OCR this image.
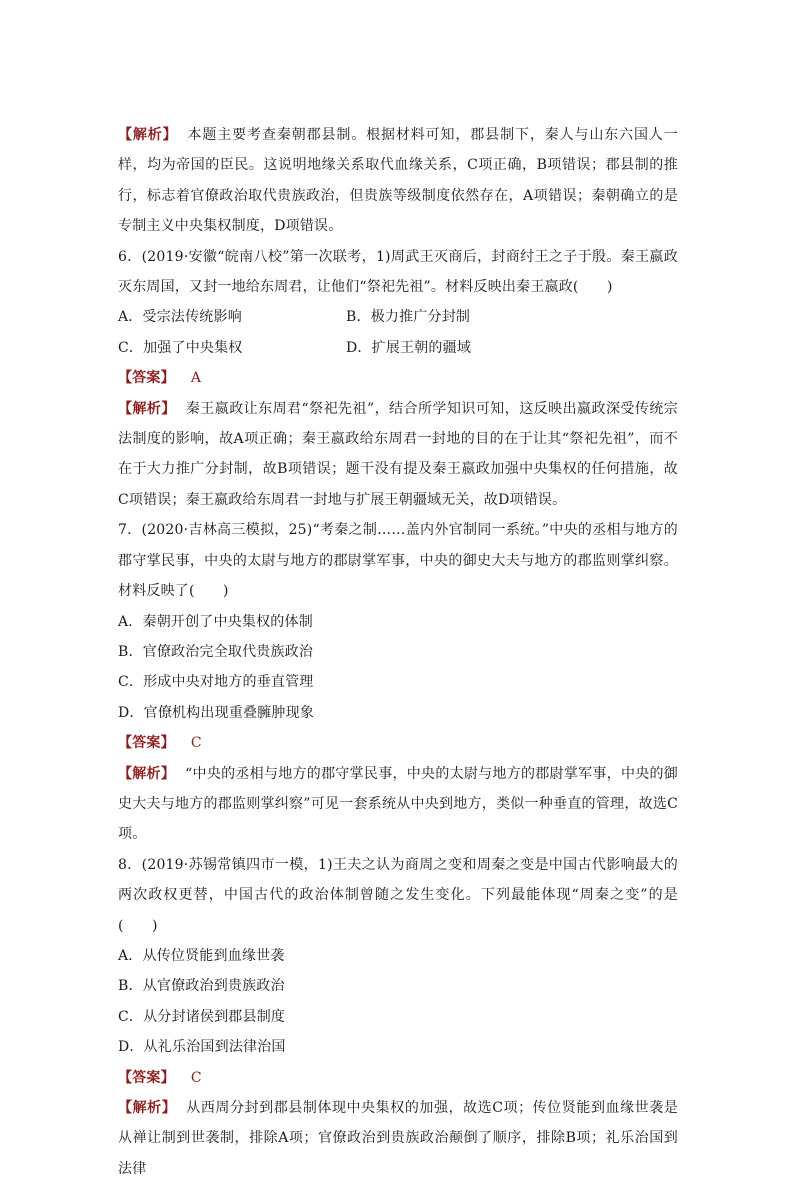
【解析】 本题主要考查秦朝郡县制。根据材料可知，郡县制下，秦人与山东六国人一样，均为帝国的臣民。这说明地缘关系取代血缘关系，C项正确，B项错误；郡县制的推行，标志着官僚政治取代贵族政治，但贵族等级制度依然存在，A项错误；秦朝确立的是专制主义中央集权制度，D项错误。

6．(2019·安徽“皖南八校”第一次联考，1)周武王灭商后，封商纣王之子于殷。秦王嬴政灭东周国，又封一地给东周君，让他们“祭祀先祖”。材料反映出秦王嬴政(　　)

A．受宗法传统影响	B．极力推广分封制
C．加强了中央集权	D．扩展王朝的疆域

【答案】 A

【解析】 秦王嬴政让东周君“祭祀先祖”，结合所学知识可知，这反映出嬴政深受传统宗法制度的影响，故A项正确；秦王嬴政给东周君一封地的目的在于让其“祭祀先祖”，而不在于大力推广分封制，故B项错误；题干没有提及秦王嬴政加强中央集权的任何措施，故C项错误；秦王嬴政给东周君一封地与扩展王朝疆域无关，故D项错误。

7．(2020·吉林高三模拟，25)“考秦之制……盖内外官制同一系统。”中央的丞相与地方的郡守掌民事，中央的太尉与地方的郡尉掌军事，中央的御史大夫与地方的郡监则掌纠察。材料反映了(　　)

A．秦朝开创了中央集权的体制

B．官僚政治完全取代贵族政治

C．形成中央对地方的垂直管理

D．官僚机构出现重叠臃肿现象

【答案】 C

【解析】 “中央的丞相与地方的郡守掌民事，中央的太尉与地方的郡尉掌军事，中央的御史大夫与地方的郡监则掌纠察”可见一套系统从中央到地方，类似一种垂直的管理，故选C项。

8．(2019·苏锡常镇四市一模，1)王夫之认为商周之变和周秦之变是中国古代影响最大的两次政权更替，中国古代的政治体制曾随之发生变化。下列最能体现“周秦之变”的是(　　)

A．从传位贤能到血缘世袭

B．从官僚政治到贵族政治

C．从分封诸侯到郡县制度

D．从礼乐治国到法律治国

【答案】 C

【解析】 从西周分封到郡县制体现中央集权的加强，故选C项；传位贤能到血缘世袭是从禅让制到世袭制，排除A项；官僚政治到贵族政治颠倒了顺序，排除B项；礼乐治国到法律
